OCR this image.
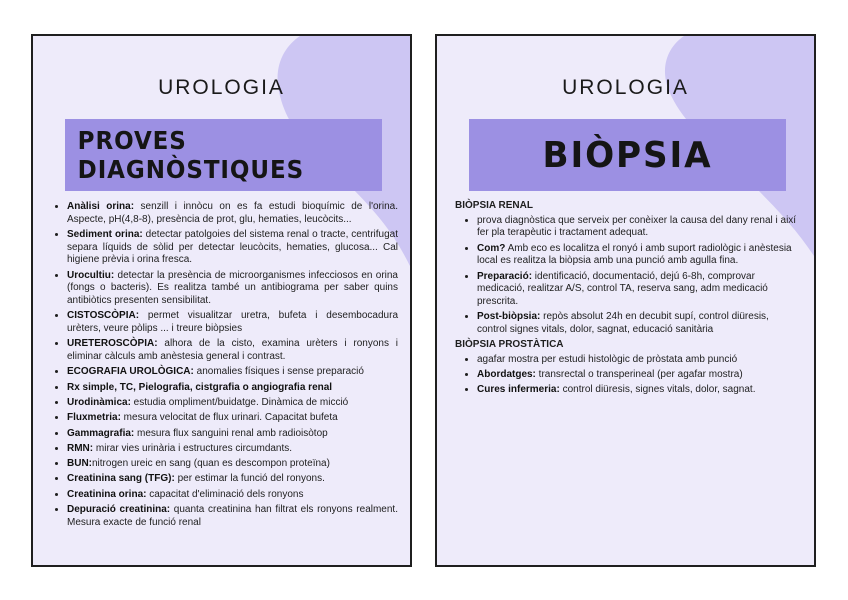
UROLOGIA
PROVES DIAGNÒSTIQUES
• Anàlisi orina: senzill i innòcu on es fa estudi bioquímic de l'orina. Aspecte, pH(4,8-8), presència de prot, glu, hematies, leucòcits...
• Sediment orina: detectar patolgoies del sistema renal o tracte, centrifugat separa líquids de sòlid per detectar leucòcits, hematies, glucosa... Cal higiene prèvia i orina fresca.
• Urocultiu: detectar la presència de microorganismes infecciosos en orina (fongs o bacteris). Es realitza també un antibiograma per saber quins antibiòtics presenten sensibilitat.
• CISTOSCÒPIA: permet visualitzar uretra, bufeta i desembocadura urèters, veure pòlips ... i treure biòpsies
• URETEROSCÒPIA: alhora de la cisto, examina urèters i ronyons i eliminar càlculs amb anèstesia general i contrast.
• ECOGRAFIA UROLÒGICA: anomalies físiques i sense preparació
• Rx simple, TC, Pielografia, cistgrafia o angiografia renal
• Urodinàmica: estudia ompliment/buidatge. Dinàmica de micció
• Fluxmetria: mesura velocitat de flux urinari. Capacitat bufeta
• Gammagrafia: mesura flux sanguini renal amb radioisòtop
• RMN: mirar vies urinària i estructures circumdants.
• BUN:nitrogen ureic en sang (quan es descompon proteïna)
• Creatinina sang (TFG): per estimar la funció del ronyons.
• Creatinina orina: capacitat d'eliminació dels ronyons
• Depuració creatinina: quanta creatinina han filtrat els ronyons realment. Mesura exacte de funció renal
UROLOGIA
BIÒPSIA
BIÒPSIA RENAL
• prova diagnòstica que serveix per conèixer la causa del dany renal i així fer pla terapèutic i tractament adequat.
• Com? Amb eco es localitza el ronyó i amb suport radiològic i anèstesia local es realitza la biòpsia amb una punció amb agulla fina.
• Preparació: identificació, documentació, dejú 6-8h, comprovar medicació, realitzar A/S, control TA, reserva sang, adm medicació prescrita.
• Post-biòpsia: repòs absolut 24h en decubit supí, control diüresis, control signes vitals, dolor, sagnat, educació sanitària
BIÒPSIA PROSTÀTICA
• agafar mostra per estudi histològic de pròstata amb punció
• Abordatges: transrectal o transperineal (per agafar mostra)
• Cures infermeria: control diüresis, signes vitals, dolor, sagnat.
